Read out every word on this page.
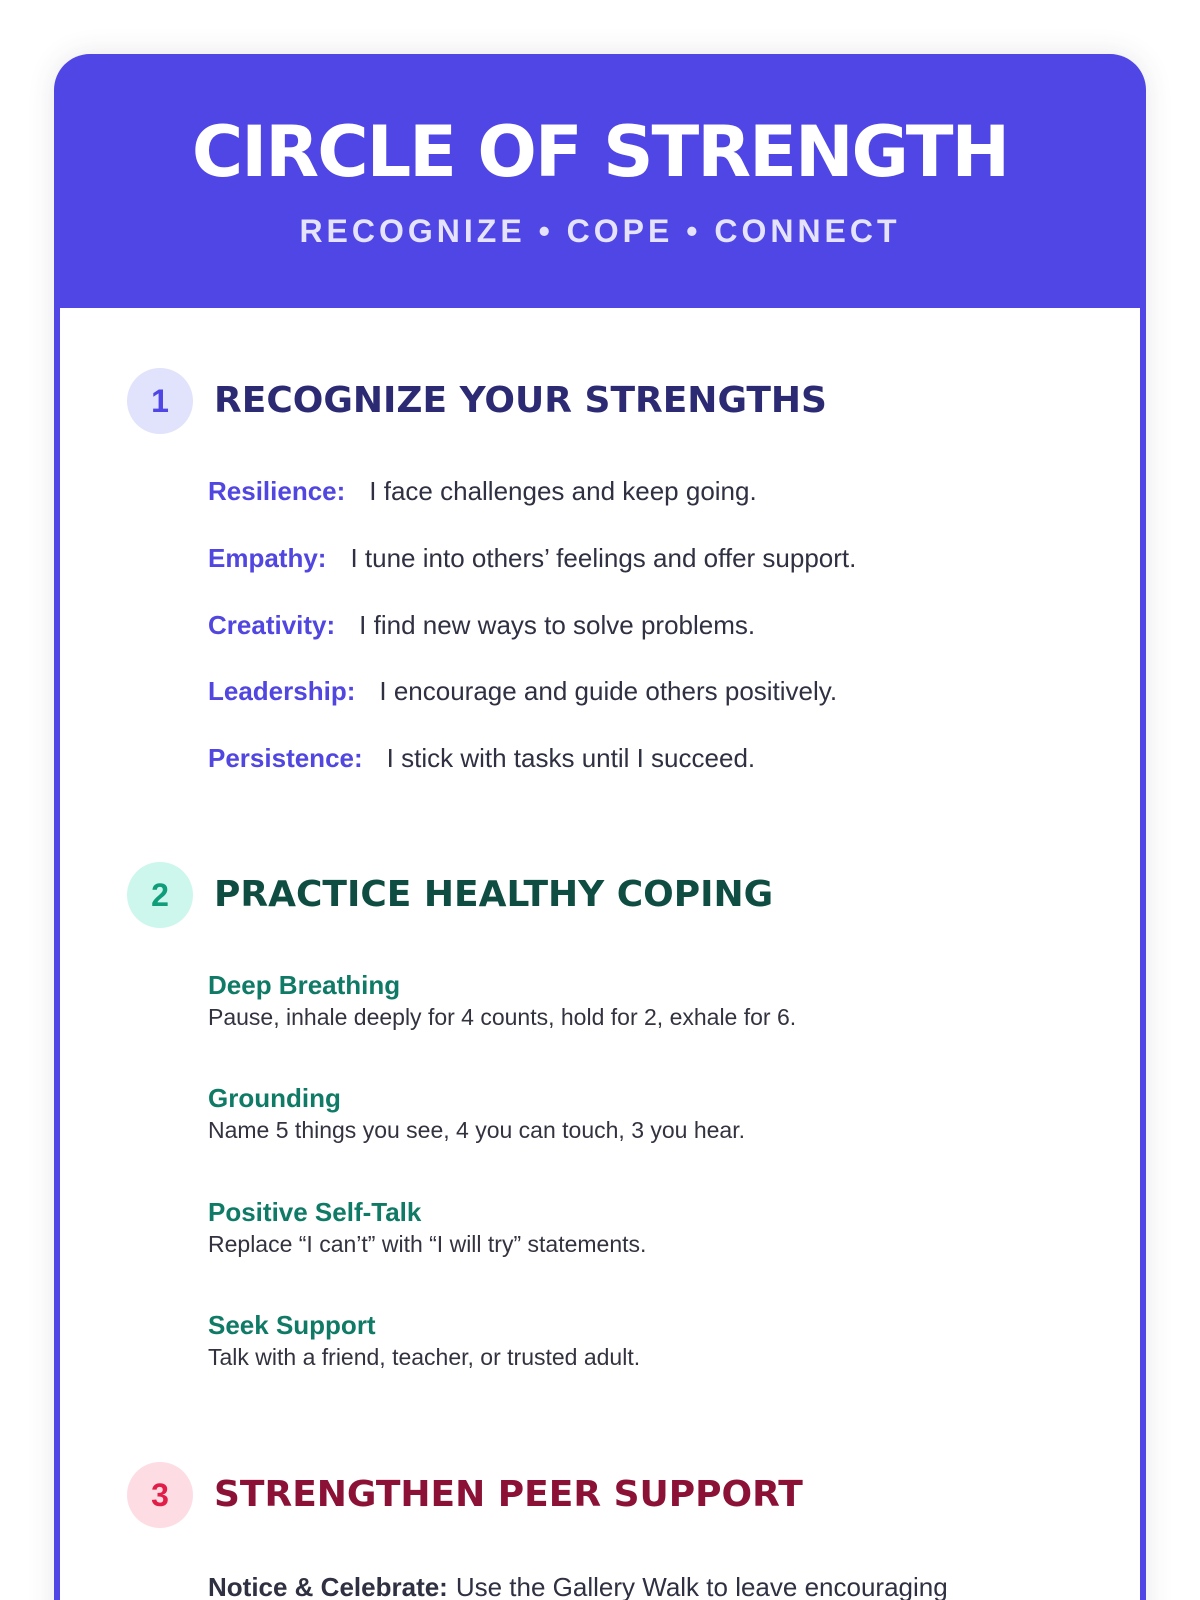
CIRCLE OF STRENGTH
RECOGNIZE • COPE • CONNECT
1	RECOGNIZE YOUR STRENGTHS
Resilience: I face challenges and keep going.
Empathy: I tune into others’ feelings and offer support.
Creativity: I find new ways to solve problems.
Leadership: I encourage and guide others positively.
Persistence: I stick with tasks until I succeed.
2	PRACTICE HEALTHY COPING
Deep Breathing
Pause, inhale deeply for 4 counts, hold for 2, exhale for 6.
Grounding
Name 5 things you see, 4 you can touch, 3 you hear.
Positive Self-Talk
Replace “I can’t” with “I will try” statements.
Seek Support
Talk with a friend, teacher, or trusted adult.
3	STRENGTHEN PEER SUPPORT
Notice & Celebrate: Use the Gallery Walk to leave encouraging
